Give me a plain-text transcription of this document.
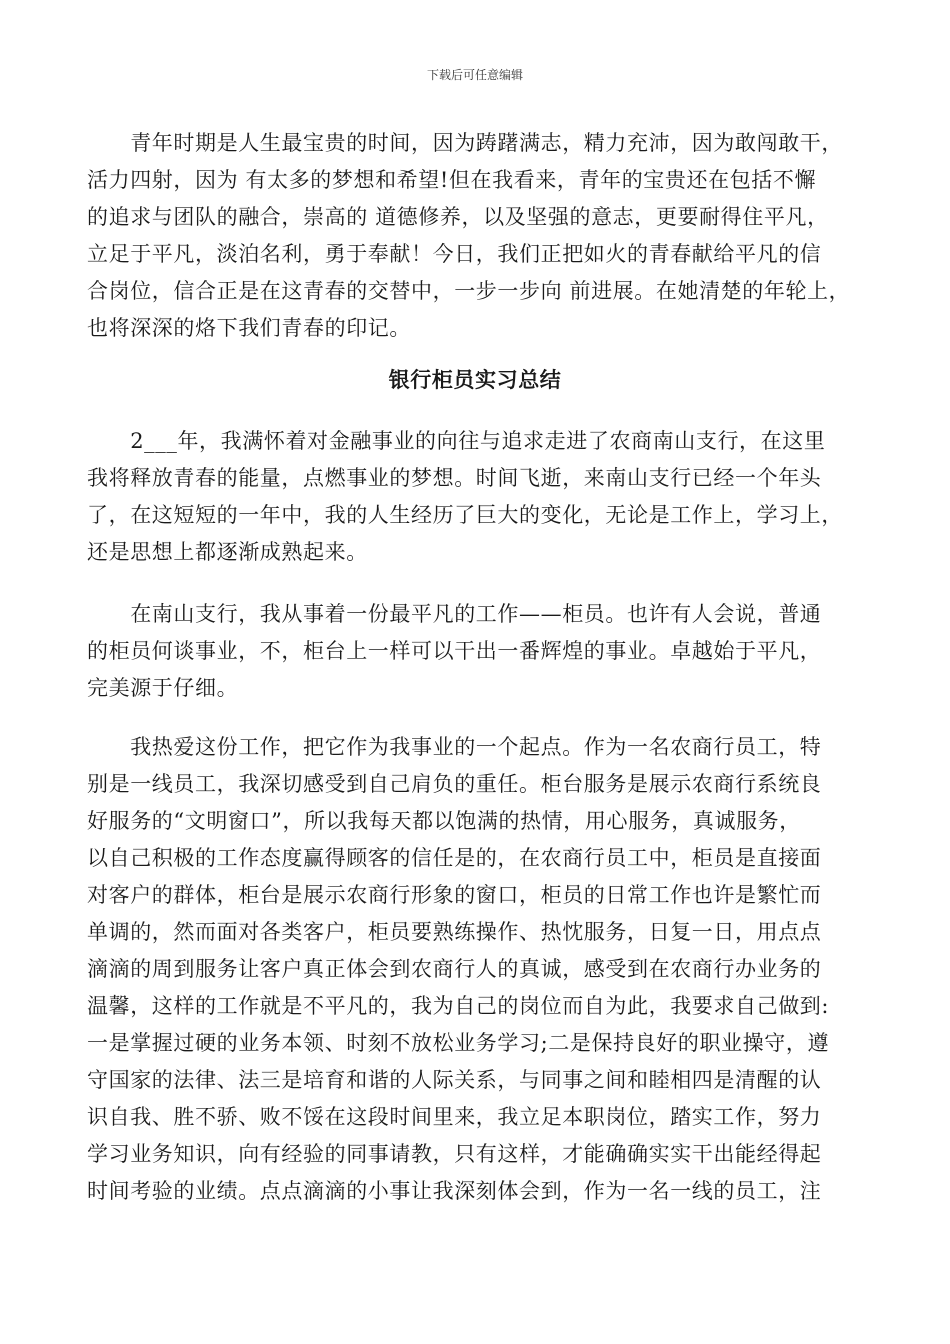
下载后可任意编辑
　　青年时期是人生最宝贵的时间，因为踌躇满志，精力充沛，因为敢闯敢干，
活力四射，因为 有太多的梦想和希望!但在我看来，青年的宝贵还在包括不懈
的追求与团队的融合，崇高的 道德修养，以及坚强的意志，更要耐得住平凡，
立足于平凡，淡泊名利，勇于奉献！今日，我们正把如火的青春献给平凡的信
合岗位，信合正是在这青春的交替中，一步一步向 前进展。在她清楚的年轮上，
也将深深的烙下我们青春的印记。
银行柜员实习总结
　　2___年，我满怀着对金融事业的向往与追求走进了农商南山支行，在这里
我将释放青春的能量，点燃事业的梦想。时间飞逝，来南山支行已经一个年头
了，在这短短的一年中，我的人生经历了巨大的变化，无论是工作上，学习上，
还是思想上都逐渐成熟起来。
　　在南山支行，我从事着一份最平凡的工作——柜员。也许有人会说，普通
的柜员何谈事业，不，柜台上一样可以干出一番辉煌的事业。卓越始于平凡，
完美源于仔细。
　　我热爱这份工作，把它作为我事业的一个起点。作为一名农商行员工，特
别是一线员工，我深切感受到自己肩负的重任。柜台服务是展示农商行系统良
好服务的“文明窗口”，所以我每天都以饱满的热情，用心服务，真诚服务，
以自己积极的工作态度赢得顾客的信任是的，在农商行员工中，柜员是直接面
对客户的群体，柜台是展示农商行形象的窗口，柜员的日常工作也许是繁忙而
单调的，然而面对各类客户，柜员要熟练操作、热忱服务，日复一日，用点点
滴滴的周到服务让客户真正体会到农商行人的真诚，感受到在农商行办业务的
温馨，这样的工作就是不平凡的，我为自己的岗位而自为此，我要求自己做到:
一是掌握过硬的业务本领、时刻不放松业务学习;二是保持良好的职业操守，遵
守国家的法律、法三是培育和谐的人际关系，与同事之间和睦相四是清醒的认
识自我、胜不骄、败不馁在这段时间里来，我立足本职岗位，踏实工作，努力
学习业务知识，向有经验的同事请教，只有这样，才能确确实实干出能经得起
时间考验的业绩。点点滴滴的小事让我深刻体会到，作为一名一线的员工，注
